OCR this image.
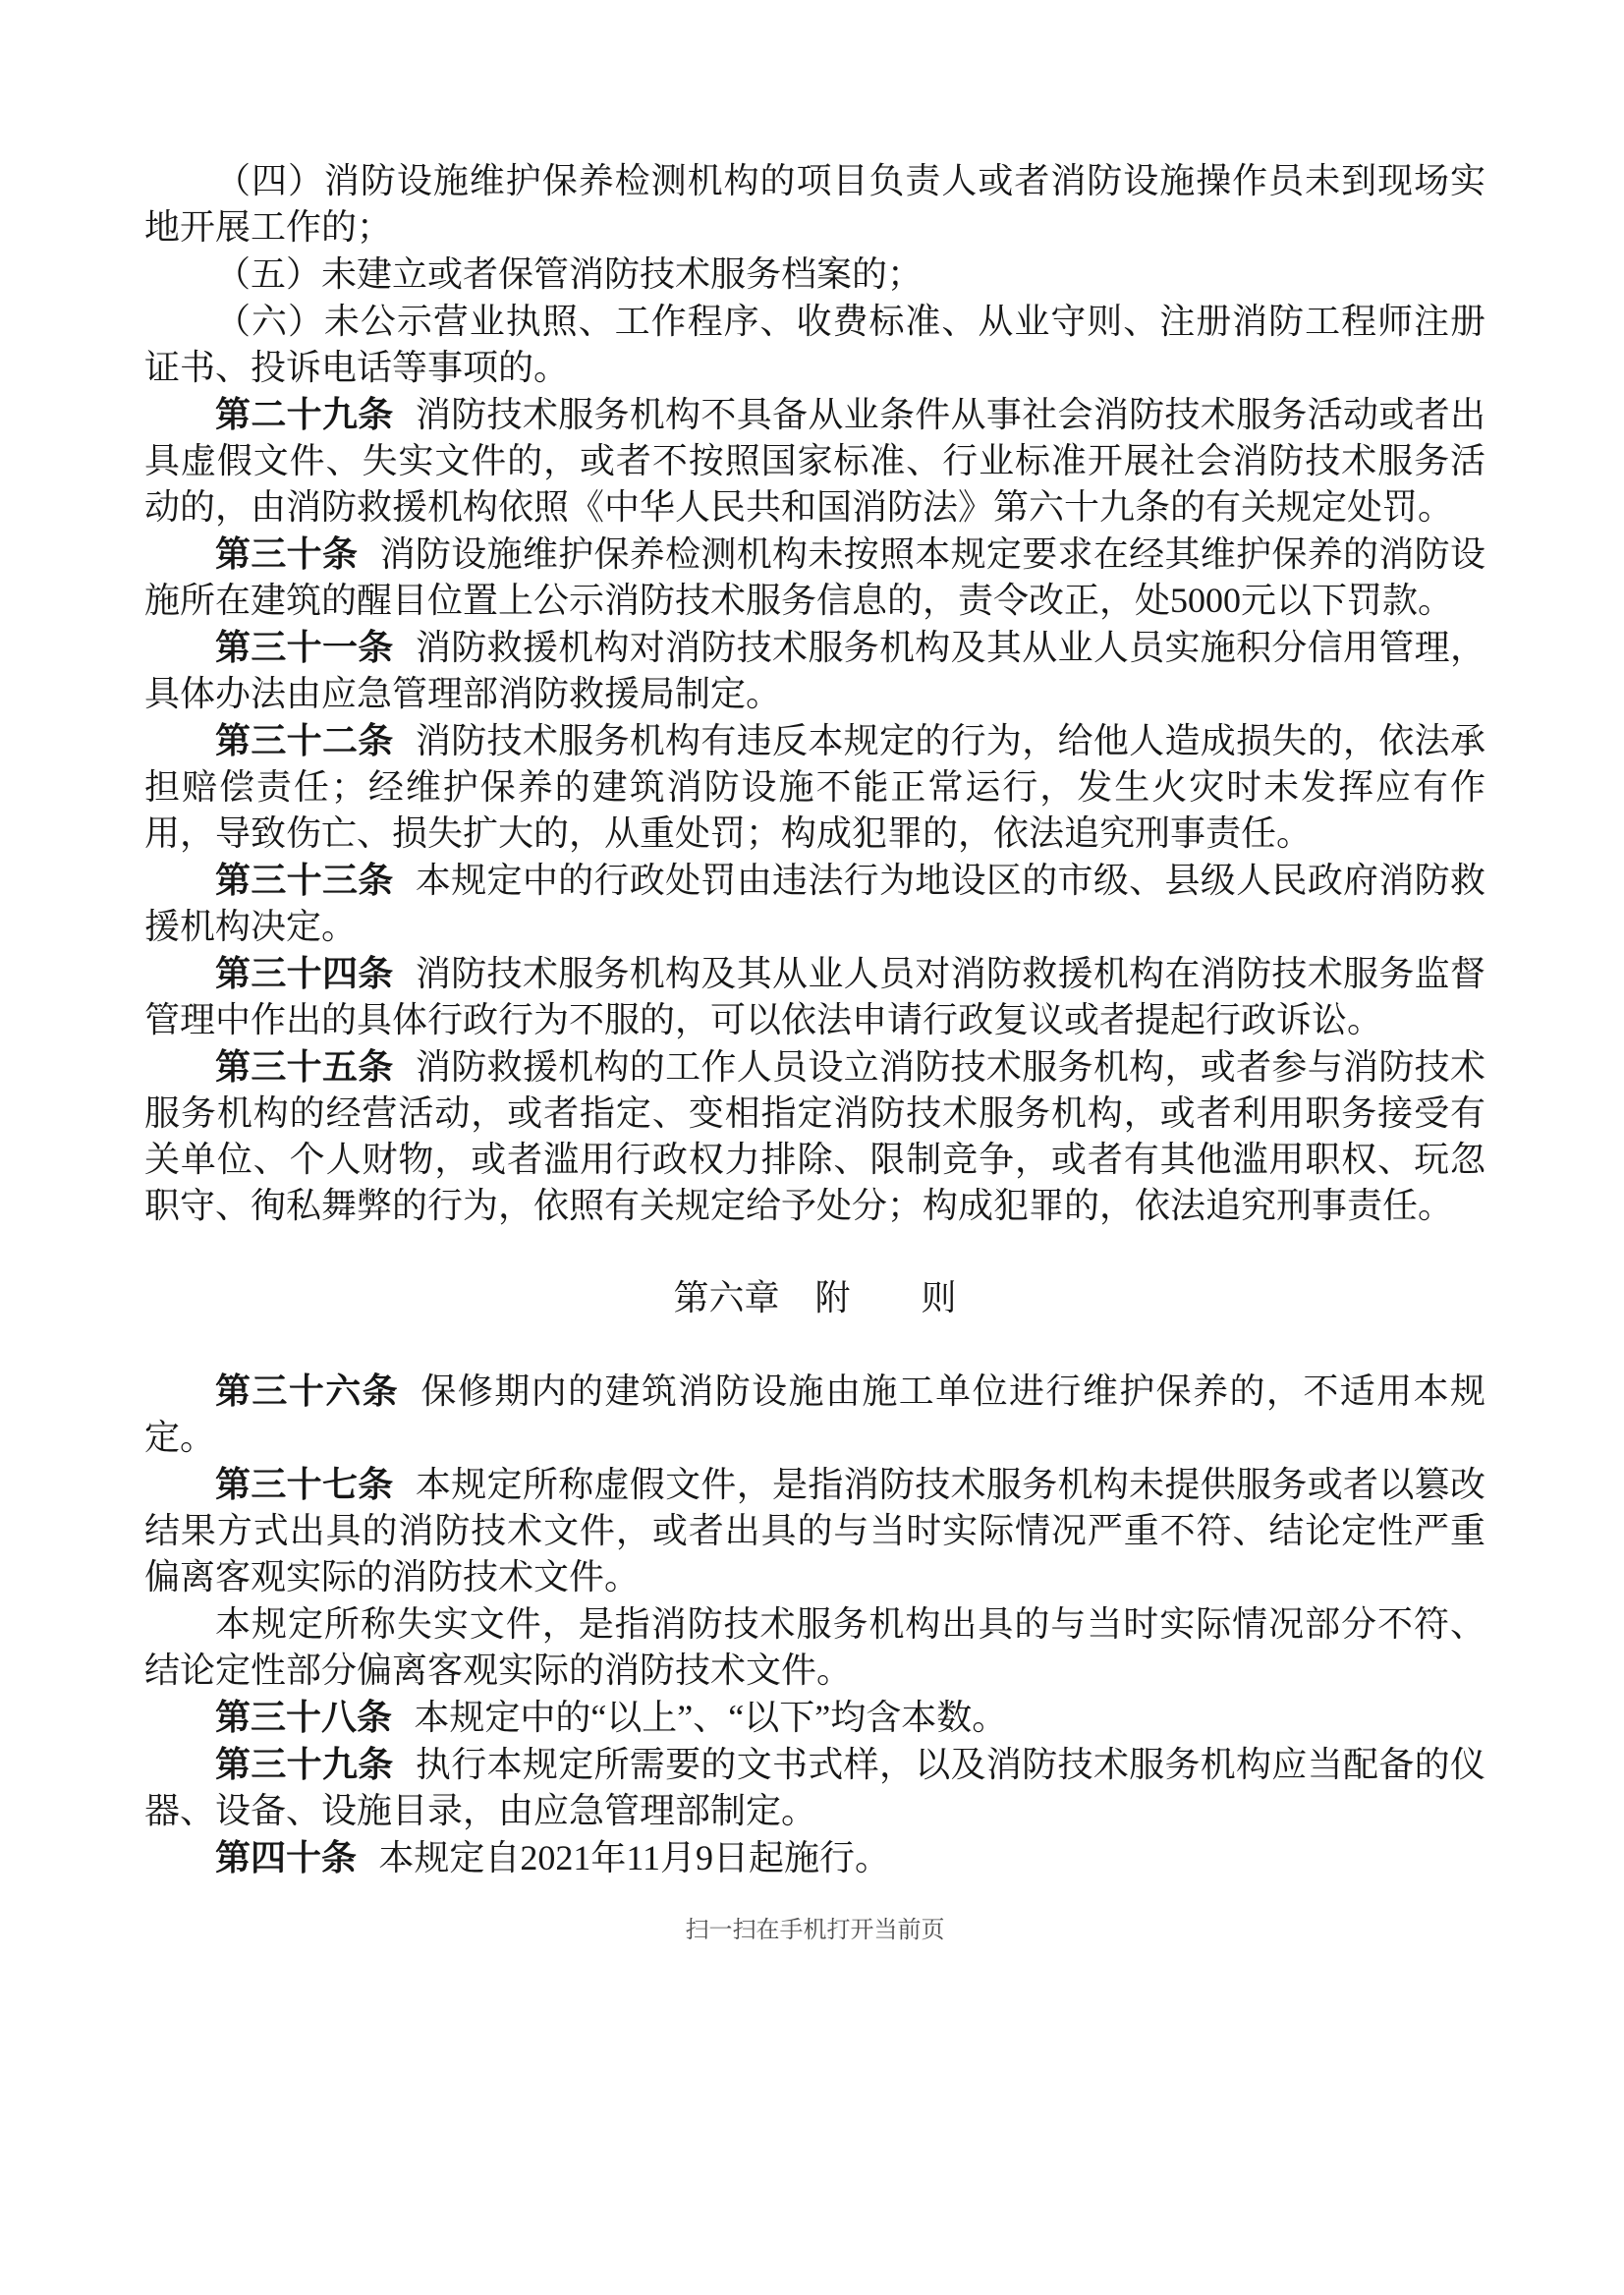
（四）消防设施维护保养检测机构的项目负责人或者消防设施操作员未到现场实地开展工作的；

（五）未建立或者保管消防技术服务档案的；

（六）未公示营业执照、工作程序、收费标准、从业守则、注册消防工程师注册证书、投诉电话等事项的。

第二十九条 消防技术服务机构不具备从业条件从事社会消防技术服务活动或者出具虚假文件、失实文件的，或者不按照国家标准、行业标准开展社会消防技术服务活动的，由消防救援机构依照《中华人民共和国消防法》第六十九条的有关规定处罚。

第三十条 消防设施维护保养检测机构未按照本规定要求在经其维护保养的消防设施所在建筑的醒目位置上公示消防技术服务信息的，责令改正，处5000元以下罚款。

第三十一条 消防救援机构对消防技术服务机构及其从业人员实施积分信用管理，具体办法由应急管理部消防救援局制定。

第三十二条 消防技术服务机构有违反本规定的行为，给他人造成损失的，依法承担赔偿责任；经维护保养的建筑消防设施不能正常运行，发生火灾时未发挥应有作用，导致伤亡、损失扩大的，从重处罚；构成犯罪的，依法追究刑事责任。

第三十三条 本规定中的行政处罚由违法行为地设区的市级、县级人民政府消防救援机构决定。

第三十四条 消防技术服务机构及其从业人员对消防救援机构在消防技术服务监督管理中作出的具体行政行为不服的，可以依法申请行政复议或者提起行政诉讼。

第三十五条 消防救援机构的工作人员设立消防技术服务机构，或者参与消防技术服务机构的经营活动，或者指定、变相指定消防技术服务机构，或者利用职务接受有关单位、个人财物，或者滥用行政权力排除、限制竞争，或者有其他滥用职权、玩忽职守、徇私舞弊的行为，依照有关规定给予处分；构成犯罪的，依法追究刑事责任。

第六章　附　　则

第三十六条 保修期内的建筑消防设施由施工单位进行维护保养的，不适用本规定。

第三十七条 本规定所称虚假文件，是指消防技术服务机构未提供服务或者以篡改结果方式出具的消防技术文件，或者出具的与当时实际情况严重不符、结论定性严重偏离客观实际的消防技术文件。

本规定所称失实文件，是指消防技术服务机构出具的与当时实际情况部分不符、结论定性部分偏离客观实际的消防技术文件。

第三十八条 本规定中的“以上”、“以下”均含本数。

第三十九条 执行本规定所需要的文书式样，以及消防技术服务机构应当配备的仪器、设备、设施目录，由应急管理部制定。

第四十条 本规定自2021年11月9日起施行。

扫一扫在手机打开当前页
